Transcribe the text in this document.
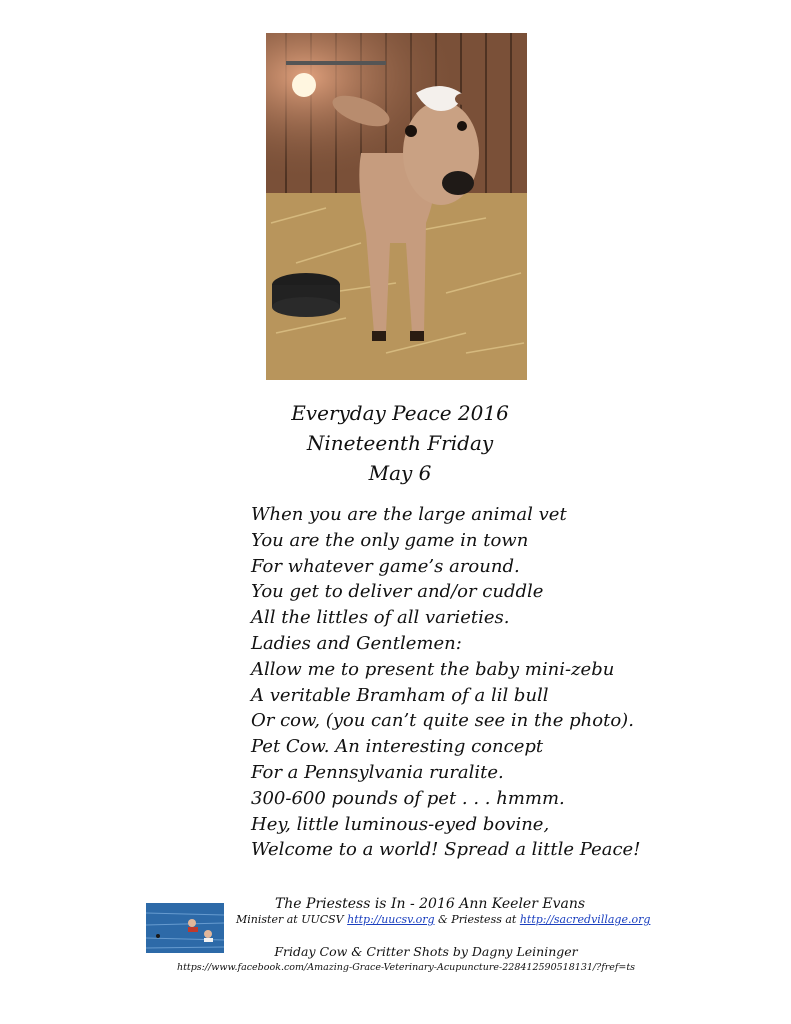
Everyday Peace 2016
Nineteenth Friday
May 6
When you are the large animal vet
You are the only game in town
For whatever game’s around.
You get to deliver and/or cuddle
All the littles of all varieties.
Ladies and Gentlemen:
Allow me to present the baby mini-zebu
A veritable Bramham of a lil bull
Or cow, (you can’t quite see in the photo).
Pet Cow. An interesting concept
For a Pennsylvania ruralite.
300-600 pounds of pet . . . hmmm.
Hey, little luminous-eyed bovine,
Welcome to a world! Spread a little Peace!
The Priestess is In - 2016 Ann Keeler Evans
Minister at UUCSV http://uucsv.org & Priestess at http://sacredvillage.org
Friday Cow & Critter Shots by Dagny Leininger
https://www.facebook.com/Amazing-Grace-Veterinary-Acupuncture-228412590518131/?fref=ts
